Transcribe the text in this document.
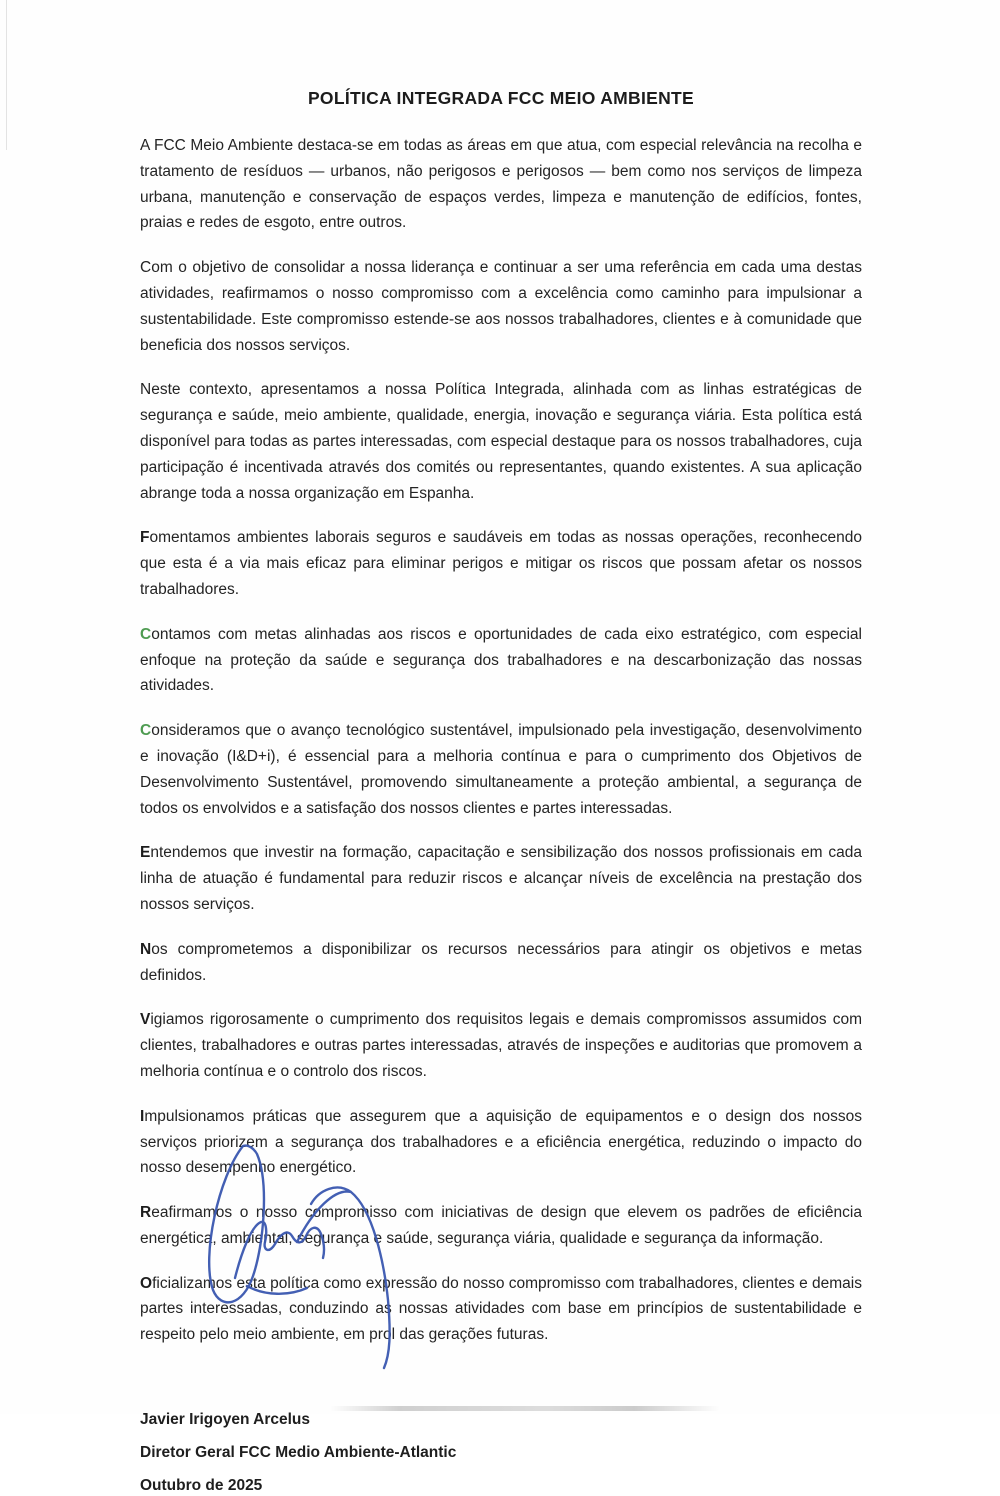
POLÍTICA INTEGRADA FCC MEIO AMBIENTE

A FCC Meio Ambiente destaca-se em todas as áreas em que atua, com especial relevância na recolha e tratamento de resíduos — urbanos, não perigosos e perigosos — bem como nos serviços de limpeza urbana, manutenção e conservação de espaços verdes, limpeza e manutenção de edifícios, fontes, praias e redes de esgoto, entre outros.

Com o objetivo de consolidar a nossa liderança e continuar a ser uma referência em cada uma destas atividades, reafirmamos o nosso compromisso com a excelência como caminho para impulsionar a sustentabilidade. Este compromisso estende-se aos nossos trabalhadores, clientes e à comunidade que beneficia dos nossos serviços.

Neste contexto, apresentamos a nossa Política Integrada, alinhada com as linhas estratégicas de segurança e saúde, meio ambiente, qualidade, energia, inovação e segurança viária. Esta política está disponível para todas as partes interessadas, com especial destaque para os nossos trabalhadores, cuja participação é incentivada através dos comités ou representantes, quando existentes. A sua aplicação abrange toda a nossa organização em Espanha.

Fomentamos ambientes laborais seguros e saudáveis em todas as nossas operações, reconhecendo que esta é a via mais eficaz para eliminar perigos e mitigar os riscos que possam afetar os nossos trabalhadores.

Contamos com metas alinhadas aos riscos e oportunidades de cada eixo estratégico, com especial enfoque na proteção da saúde e segurança dos trabalhadores e na descarbonização das nossas atividades.

Consideramos que o avanço tecnológico sustentável, impulsionado pela investigação, desenvolvimento e inovação (I&D+i), é essencial para a melhoria contínua e para o cumprimento dos Objetivos de Desenvolvimento Sustentável, promovendo simultaneamente a proteção ambiental, a segurança de todos os envolvidos e a satisfação dos nossos clientes e partes interessadas.

Entendemos que investir na formação, capacitação e sensibilização dos nossos profissionais em cada linha de atuação é fundamental para reduzir riscos e alcançar níveis de excelência na prestação dos nossos serviços.

Nos comprometemos a disponibilizar os recursos necessários para atingir os objetivos e metas definidos.

Vigiamos rigorosamente o cumprimento dos requisitos legais e demais compromissos assumidos com clientes, trabalhadores e outras partes interessadas, através de inspeções e auditorias que promovem a melhoria contínua e o controlo dos riscos.

Impulsionamos práticas que assegurem que a aquisição de equipamentos e o design dos nossos serviços priorizem a segurança dos trabalhadores e a eficiência energética, reduzindo o impacto do nosso desempenho energético.

Reafirmamos o nosso compromisso com iniciativas de design que elevem os padrões de eficiência energética, ambiental, segurança e saúde, segurança viária, qualidade e segurança da informação.

Oficializamos esta política como expressão do nosso compromisso com trabalhadores, clientes e demais partes interessadas, conduzindo as nossas atividades com base em princípios de sustentabilidade e respeito pelo meio ambiente, em prol das gerações futuras.

Javier Irigoyen Arcelus
Diretor Geral FCC Medio Ambiente-Atlantic
Outubro de 2025
